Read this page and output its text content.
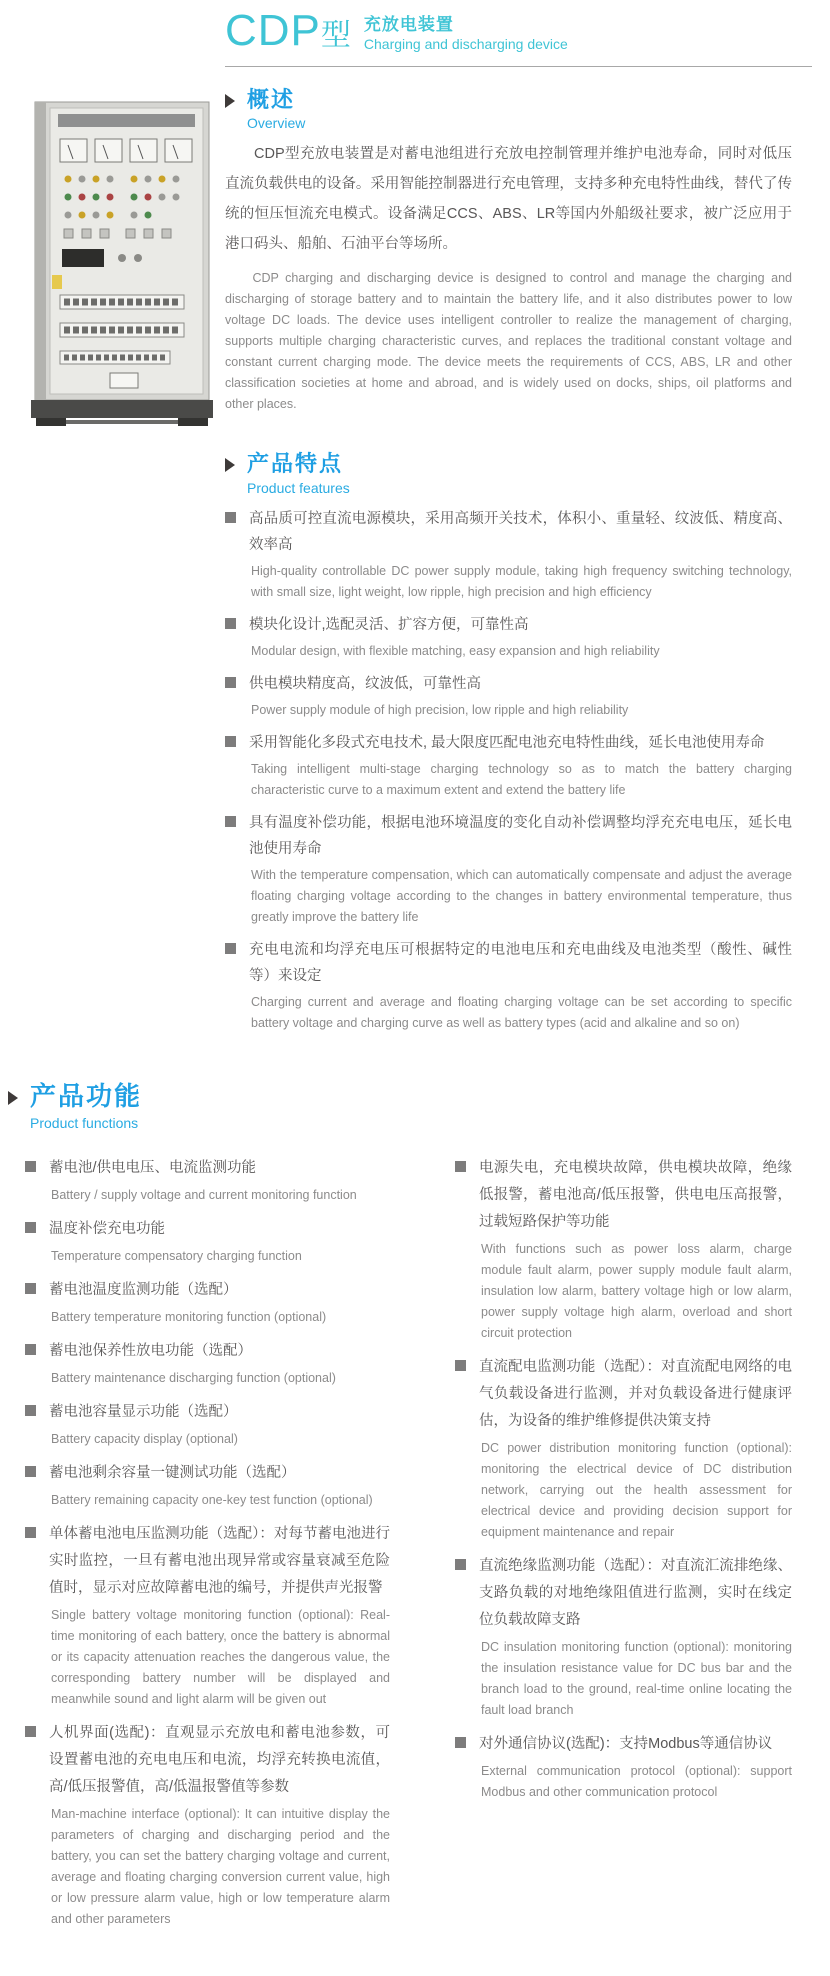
CDP型 充放电装置
Charging and discharging device
概述
Overview

CDP型充放电装置是对蓄电池组进行充放电控制管理并维护电池寿命，同时对低压直流负载供电的设备。采用智能控制器进行充电管理，支持多种充电特性曲线，替代了传统的恒压恒流充电模式。设备满足CCS、ABS、LR等国内外船级社要求，被广泛应用于港口码头、船舶、石油平台等场所。

CDP charging and discharging device is designed to control and manage the charging and discharging of storage battery and to maintain the battery life, and it also distributes power to low voltage DC loads. The device uses intelligent controller to realize the management of charging, supports multiple charging characteristic curves, and replaces the traditional constant voltage and constant current charging mode. The device meets the requirements of CCS, ABS, LR and other classification societies at home and abroad, and is widely used on docks, ships, oil platforms and other places.

产品特点
Product features
高品质可控直流电源模块，采用高频开关技术，体积小、重量轻、纹波低、精度高、效率高
High-quality controllable DC power supply module, taking high frequency switching technology, with small size, light weight, low ripple, high precision and high efficiency
模块化设计,选配灵活、扩容方便，可靠性高
Modular design, with flexible matching, easy expansion and high reliability
供电模块精度高，纹波低，可靠性高
Power supply module of high precision, low ripple and high reliability
采用智能化多段式充电技术, 最大限度匹配电池充电特性曲线，延长电池使用寿命
Taking intelligent multi-stage charging technology so as to match the battery charging characteristic curve to a maximum extent and extend the battery life
具有温度补偿功能，根据电池环境温度的变化自动补偿调整均浮充充电电压，延长电池使用寿命
With the temperature compensation, which can automatically compensate and adjust the average floating charging voltage according to the changes in battery environmental temperature, thus greatly improve the battery life
充电电流和均浮充电压可根据特定的电池电压和充电曲线及电池类型（酸性、碱性等）来设定
Charging current and average and floating charging voltage can be set according to specific battery voltage and charging curve as well as battery types (acid and alkaline and so on)
产品功能
Product functions
蓄电池/供电电压、电流监测功能
Battery / supply voltage and current monitoring function
温度补偿充电功能
Temperature compensatory charging function
蓄电池温度监测功能（选配）
Battery temperature monitoring function (optional)
蓄电池保养性放电功能（选配）
Battery maintenance discharging function (optional)
蓄电池容量显示功能（选配）
Battery capacity display (optional)
蓄电池剩余容量一键测试功能（选配）
Battery remaining capacity one-key test function (optional)
单体蓄电池电压监测功能（选配）：对每节蓄电池进行实时监控，一旦有蓄电池出现异常或容量衰减至危险值时，显示对应故障蓄电池的编号，并提供声光报警
Single battery voltage monitoring function (optional): Real-time monitoring of each battery, once the battery is abnormal or its capacity attenuation reaches the dangerous value, the corresponding battery number will be displayed and meanwhile sound and light alarm will be given out
人机界面(选配)：直观显示充放电和蓄电池参数，可设置蓄电池的充电电压和电流，均浮充转换电流值，高/低压报警值，高/低温报警值等参数
Man-machine interface (optional): It can intuitive display the parameters of charging and discharging period and the battery, you can set the battery charging voltage and current, average and floating charging conversion current value, high or low pressure alarm value, high or low temperature alarm and other parameters
电源失电，充电模块故障，供电模块故障，绝缘低报警，蓄电池高/低压报警，供电电压高报警，过载短路保护等功能
With functions such as power loss alarm, charge module fault alarm, power supply module fault alarm, insulation low alarm, battery voltage high or low alarm, power supply voltage high alarm, overload and short circuit protection
直流配电监测功能（选配）：对直流配电网络的电气负载设备进行监测，并对负载设备进行健康评估，为设备的维护维修提供决策支持
DC power distribution monitoring function (optional): monitoring the electrical device of DC distribution network, carrying out the health assessment for electrical device and providing decision support for equipment maintenance and repair
直流绝缘监测功能（选配）：对直流汇流排绝缘、支路负载的对地绝缘阻值进行监测，实时在线定位负载故障支路
DC insulation monitoring function (optional): monitoring the insulation resistance value for DC bus bar and the branch load to the ground, real-time online locating the fault load branch
对外通信协议(选配)：支持Modbus等通信协议
External communication protocol (optional): support Modbus and other communication protocol
